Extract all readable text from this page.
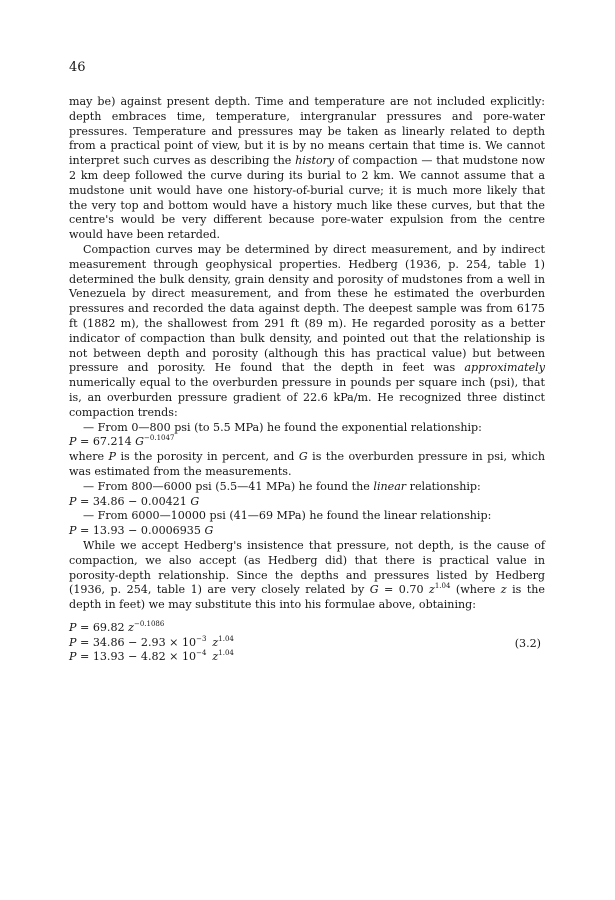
46

may be) against present depth. Time and temperature are not included explicitly: depth embraces time, temperature, intergranular pressures and pore-water pressures. Temperature and pressures may be taken as linearly related to depth from a practical point of view, but it is by no means certain that time is. We cannot interpret such curves as describing the history of compaction — that mudstone now 2 km deep followed the curve during its burial to 2 km. We cannot assume that a mudstone unit would have one history-of-burial curve; it is much more likely that the very top and bottom would have a history much like these curves, but that the centre's would be very different because pore-water expulsion from the centre would have been retarded.

Compaction curves may be determined by direct measurement, and by indirect measurement through geophysical properties. Hedberg (1936, p. 254, table 1) determined the bulk density, grain density and porosity of mudstones from a well in Venezuela by direct measurement, and from these he estimated the overburden pressures and recorded the data against depth. The deepest sample was from 6175 ft (1882 m), the shallowest from 291 ft (89 m). He regarded porosity as a better indicator of compaction than bulk density, and pointed out that the relationship is not between depth and porosity (although this has practical value) but between pressure and porosity. He found that the depth in feet was approximately numerically equal to the overburden pressure in pounds per square inch (psi), that is, an overburden pressure gradient of 22.6 kPa/m. He recognized three distinct compaction trends:

— From 0—800 psi (to 5.5 MPa) he found the exponential relationship:

P = 67.214 $G^{-0.1047}$

where P is the porosity in percent, and G is the overburden pressure in psi, which was estimated from the measurements.

— From 800—6000 psi (5.5—41 MPa) he found the linear relationship:

P = 34.86 − 0.00421 G

— From 6000—10000 psi (41—69 MPa) he found the linear relationship:

P = 13.93 − 0.0006935 G

While we accept Hedberg's insistence that pressure, not depth, is the cause of compaction, we also accept (as Hedberg did) that there is practical value in porosity-depth relationship. Since the depths and pressures listed by Hedberg (1936, p. 254, table 1) are very closely related by G = 0.70 $z^{1.04}$ (where z is the depth in feet) we may substitute this into his formulae above, obtaining:

P = 69.82 $z^{-0.1086}$

$P = 34.86 - 2.93 \times 10^{-3}$ $z^{1.04}$

$P = 13.93 - 4.82 \times 10^{-4}$ $z^{1.04}$

(3.2)
